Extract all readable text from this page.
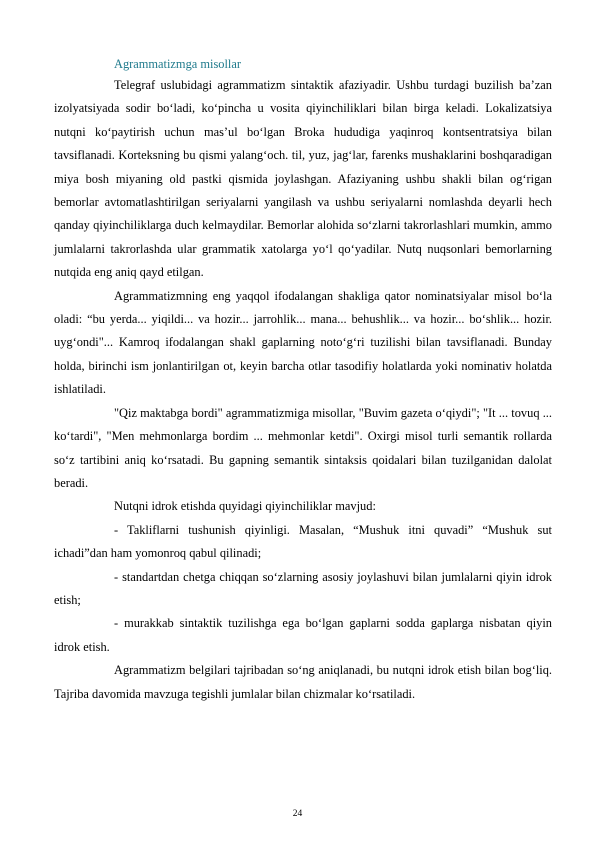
Agrammatizmga misollar

Telegraf uslubidagi agrammatizm sintaktik afaziyadir. Ushbu turdagi buzilish ba’zan izolyatsiyada sodir bo‘ladi, ko‘pincha u vosita qiyinchiliklari bilan birga keladi. Lokalizatsiya nutqni ko‘paytirish uchun mas’ul bo‘lgan Broka hududiga yaqinroq kontsentratsiya bilan tavsiflanadi. Korteksning bu qismi yalang‘och. til, yuz, jag‘lar, farenks mushaklarini boshqaradigan miya bosh miyaning old pastki qismida joylashgan. Afaziyaning ushbu shakli bilan og‘rigan bemorlar avtomatlashtirilgan seriyalarni yangilash va ushbu seriyalarni nomlashda deyarli hech qanday qiyinchiliklarga duch kelmaydilar. Bemorlar alohida so‘zlarni takrorlashlari mumkin, ammo jumlalarni takrorlashda ular grammatik xatolarga yo‘l qo‘yadilar. Nutq nuqsonlari bemorlarning nutqida eng aniq qayd etilgan.

Agrammatizmning eng yaqqol ifodalangan shakliga qator nominatsiyalar misol bo‘la oladi: “bu yerda... yiqildi... va hozir... jarrohlik... mana... behushlik... va hozir... bo‘shlik... hozir. uyg‘ondi"... Kamroq ifodalangan shakl gaplarning noto‘g‘ri tuzilishi bilan tavsiflanadi. Bunday holda, birinchi ism jonlantirilgan ot, keyin barcha otlar tasodifiy holatlarda yoki nominativ holatda ishlatiladi.

"Qiz maktabga bordi" agrammatizmiga misollar, "Buvim gazeta o‘qiydi"; "It ... tovuq ... ko‘tardi", "Men mehmonlarga bordim ... mehmonlar ketdi". Oxirgi misol turli semantik rollarda so‘z tartibini aniq ko‘rsatadi. Bu gapning semantik sintaksis qoidalari bilan tuzilganidan dalolat beradi.

Nutqni idrok etishda quyidagi qiyinchiliklar mavjud:

- Takliflarni tushunish qiyinligi. Masalan, “Mushuk itni quvadi” “Mushuk sut ichadi”dan ham yomonroq qabul qilinadi;

- standartdan chetga chiqqan so‘zlarning asosiy joylashuvi bilan jumlalarni qiyin idrok etish;

- murakkab sintaktik tuzilishga ega bo‘lgan gaplarni sodda gaplarga nisbatan qiyin idrok etish.

Agrammatizm belgilari tajribadan so‘ng aniqlanadi, bu nutqni idrok etish bilan bog‘liq. Tajriba davomida mavzuga tegishli jumlalar bilan chizmalar ko‘rsatiladi.

24
